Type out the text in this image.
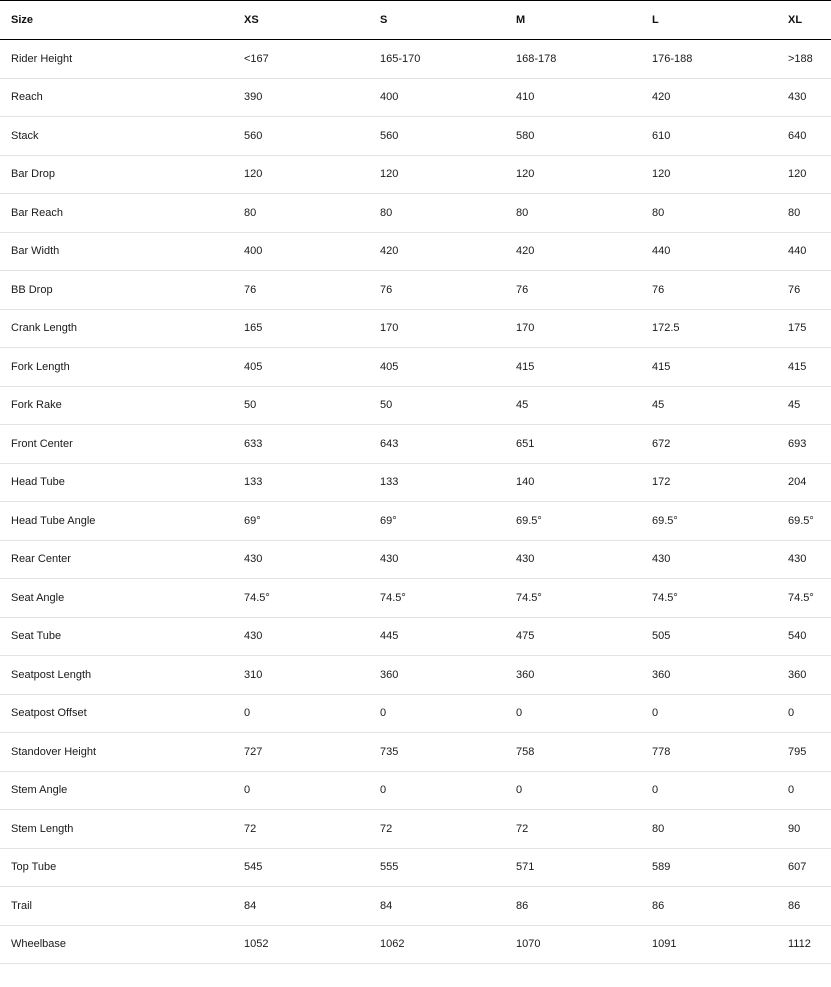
Size	XS	S	M	L	XL
Rider Height	<167	165-170	168-178	176-188	>188
Reach	390	400	410	420	430
Stack	560	560	580	610	640
Bar Drop	120	120	120	120	120
Bar Reach	80	80	80	80	80
Bar Width	400	420	420	440	440
BB Drop	76	76	76	76	76
Crank Length	165	170	170	172.5	175
Fork Length	405	405	415	415	415
Fork Rake	50	50	45	45	45
Front Center	633	643	651	672	693
Head Tube	133	133	140	172	204
Head Tube Angle	69°	69°	69.5°	69.5°	69.5°
Rear Center	430	430	430	430	430
Seat Angle	74.5°	74.5°	74.5°	74.5°	74.5°
Seat Tube	430	445	475	505	540
Seatpost Length	310	360	360	360	360
Seatpost Offset	0	0	0	0	0
Standover Height	727	735	758	778	795
Stem Angle	0	0	0	0	0
Stem Length	72	72	72	80	90
Top Tube	545	555	571	589	607
Trail	84	84	86	86	86
Wheelbase	1052	1062	1070	1091	1112
